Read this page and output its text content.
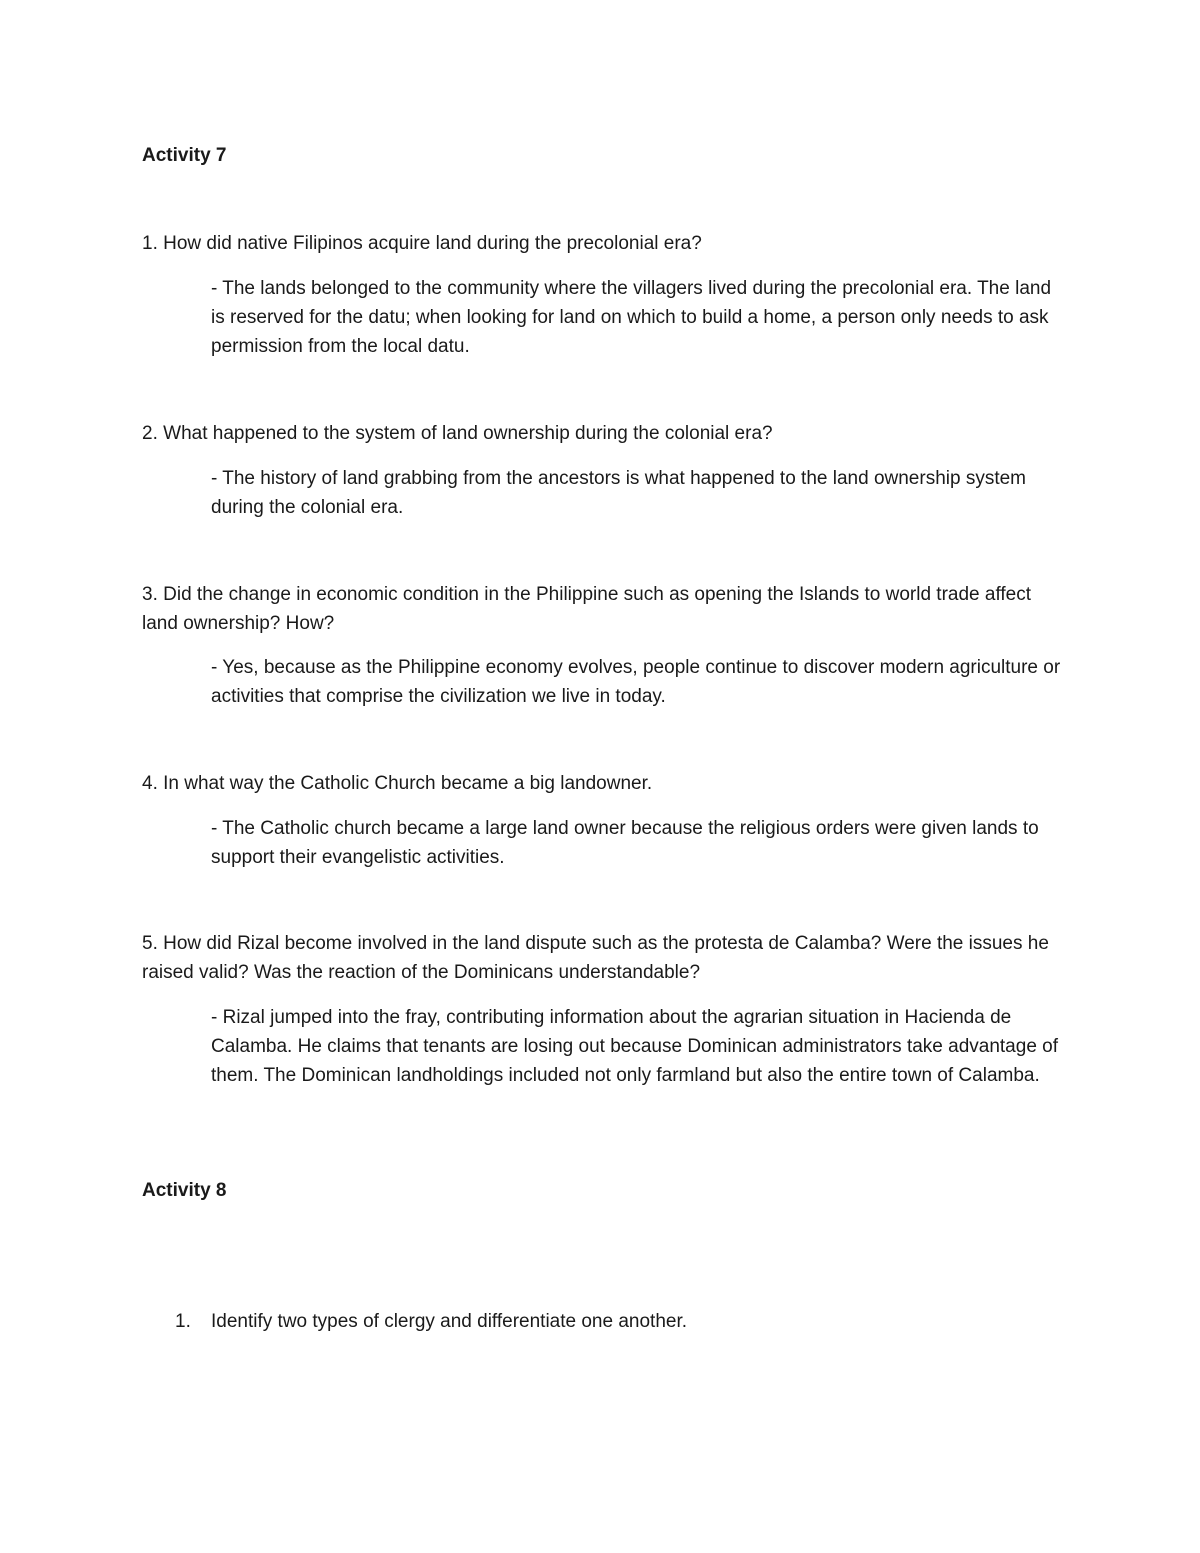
Activity 7
1. How did native Filipinos acquire land during the precolonial era?
- The lands belonged to the community where the villagers lived during the precolonial era. The land is reserved for the datu; when looking for land on which to build a home, a person only needs to ask permission from the local datu.
2. What happened to the system of land ownership during the colonial era?
- The history of land grabbing from the ancestors is what happened to the land ownership system during the colonial era.
3. Did the change in economic condition in the Philippine such as opening the Islands to world trade affect land ownership? How?
- Yes, because as the Philippine economy evolves, people continue to discover modern agriculture or activities that comprise the civilization we live in today.
4. In what way the Catholic Church became a big landowner.
- The Catholic church became a large land owner because the religious orders were given lands to support their evangelistic activities.
5. How did Rizal become involved in the land dispute such as the protesta de Calamba? Were the issues he raised valid? Was the reaction of the Dominicans understandable?
- Rizal jumped into the fray, contributing information about the agrarian situation in Hacienda de Calamba. He claims that tenants are losing out because Dominican administrators take advantage of them. The Dominican landholdings included not only farmland but also the entire town of Calamba.
Activity 8
1. Identify two types of clergy and differentiate one another.
